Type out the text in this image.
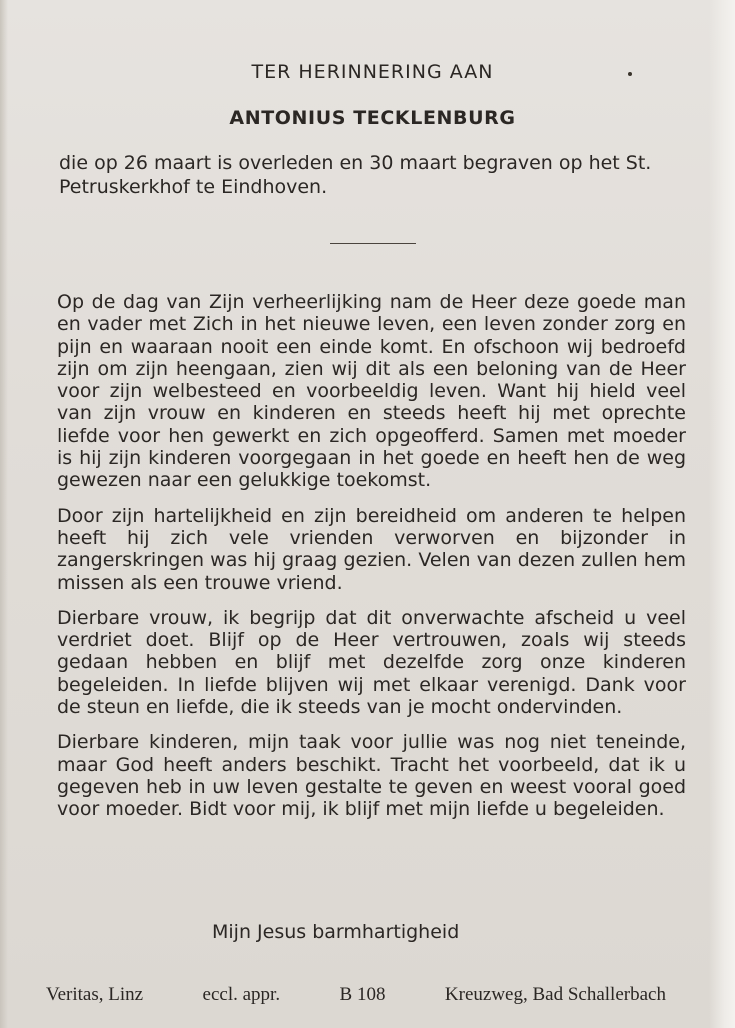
TER HERINNERING AAN
ANTONIUS TECKLENBURG
die op 26 maart is overleden en 30 maart begraven op het St. Petruskerkhof te Eindhoven.

Op de dag van Zijn verheerlijking nam de Heer deze goede man en vader met Zich in het nieuwe leven, een leven zonder zorg en pijn en waaraan nooit een einde komt. En ofschoon wij bedroefd zijn om zijn heengaan, zien wij dit als een beloning van de Heer voor zijn welbesteed en voorbeeldig leven. Want hij hield veel van zijn vrouw en kinderen en steeds heeft hij met oprechte liefde voor hen gewerkt en zich opgeofferd. Samen met moeder is hij zijn kinderen voorgegaan in het goede en heeft hen de weg gewezen naar een gelukkige toekomst.

Door zijn hartelijkheid en zijn bereidheid om anderen te helpen heeft hij zich vele vrienden verworven en bijzonder in zangerskringen was hij graag gezien. Velen van dezen zullen hem missen als een trouwe vriend.

Dierbare vrouw, ik begrijp dat dit onverwachte afscheid u veel verdriet doet. Blijf op de Heer vertrouwen, zoals wij steeds gedaan hebben en blijf met dezelfde zorg onze kinderen begeleiden. In liefde blijven wij met elkaar verenigd. Dank voor de steun en liefde, die ik steeds van je mocht ondervinden.

Dierbare kinderen, mijn taak voor jullie was nog niet teneinde, maar God heeft anders beschikt. Tracht het voorbeeld, dat ik u gegeven heb in uw leven gestalte te geven en weest vooral goed voor moeder. Bidt voor mij, ik blijf met mijn liefde u begeleiden.

Mijn Jesus barmhartigheid
Veritas, Linz	eccl. appr.	B 108	Kreuzweg, Bad Schallerbach
